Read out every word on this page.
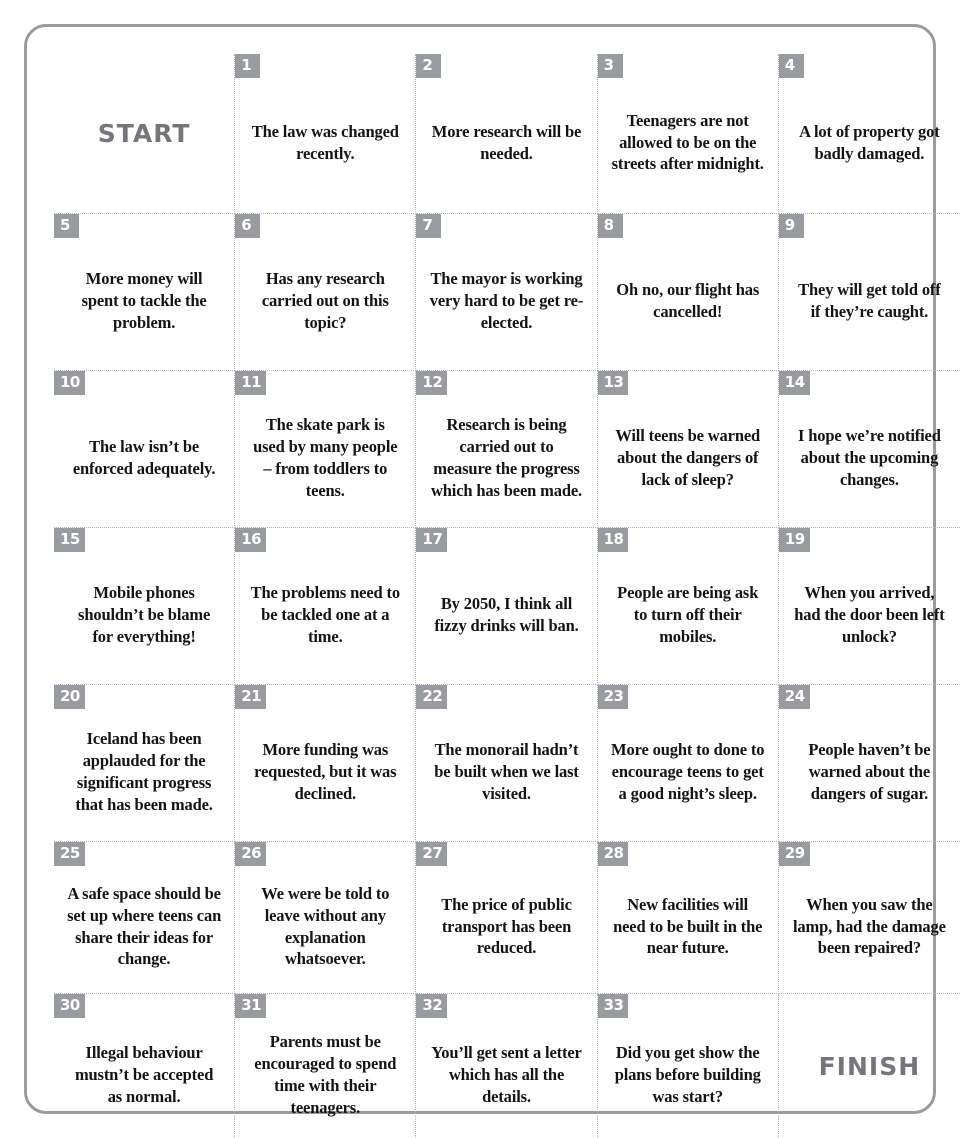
START
1
The law was changed recently.
2
More research will be needed.
3
Teenagers are not allowed to be on the streets after midnight.
4
A lot of property got badly damaged.
5
More money will spent to tackle the problem.
6
Has any research carried out on this topic?
7
The mayor is working very hard to be get re-elected.
8
Oh no, our flight has cancelled!
9
They will get told off if they’re caught.
10
The law isn’t be enforced adequately.
11
The skate park is used by many people – from toddlers to teens.
12
Research is being carried out to measure the progress which has been made.
13
Will teens be warned about the dangers of lack of sleep?
14
I hope we’re notified about the upcoming changes.
15
Mobile phones shouldn’t be blame for everything!
16
The problems need to be tackled one at a time.
17
By 2050, I think all fizzy drinks will ban.
18
People are being ask to turn off their mobiles.
19
When you arrived, had the door been left unlock?
20
Iceland has been applauded for the significant progress that has been made.
21
More funding was requested, but it was declined.
22
The monorail hadn’t be built when we last visited.
23
More ought to done to encourage teens to get a good night’s sleep.
24
People haven’t be warned about the dangers of sugar.
25
A safe space should be set up where teens can share their ideas for change.
26
We were be told to leave without any explanation whatsoever.
27
The price of public transport has been reduced.
28
New facilities will need to be built in the near future.
29
When you saw the lamp, had the damage been repaired?
30
Illegal behaviour mustn’t be accepted as normal.
31
Parents must be encouraged to spend time with their teenagers.
32
You’ll get sent a letter which has all the details.
33
Did you get show the plans before building was start?
FINISH
